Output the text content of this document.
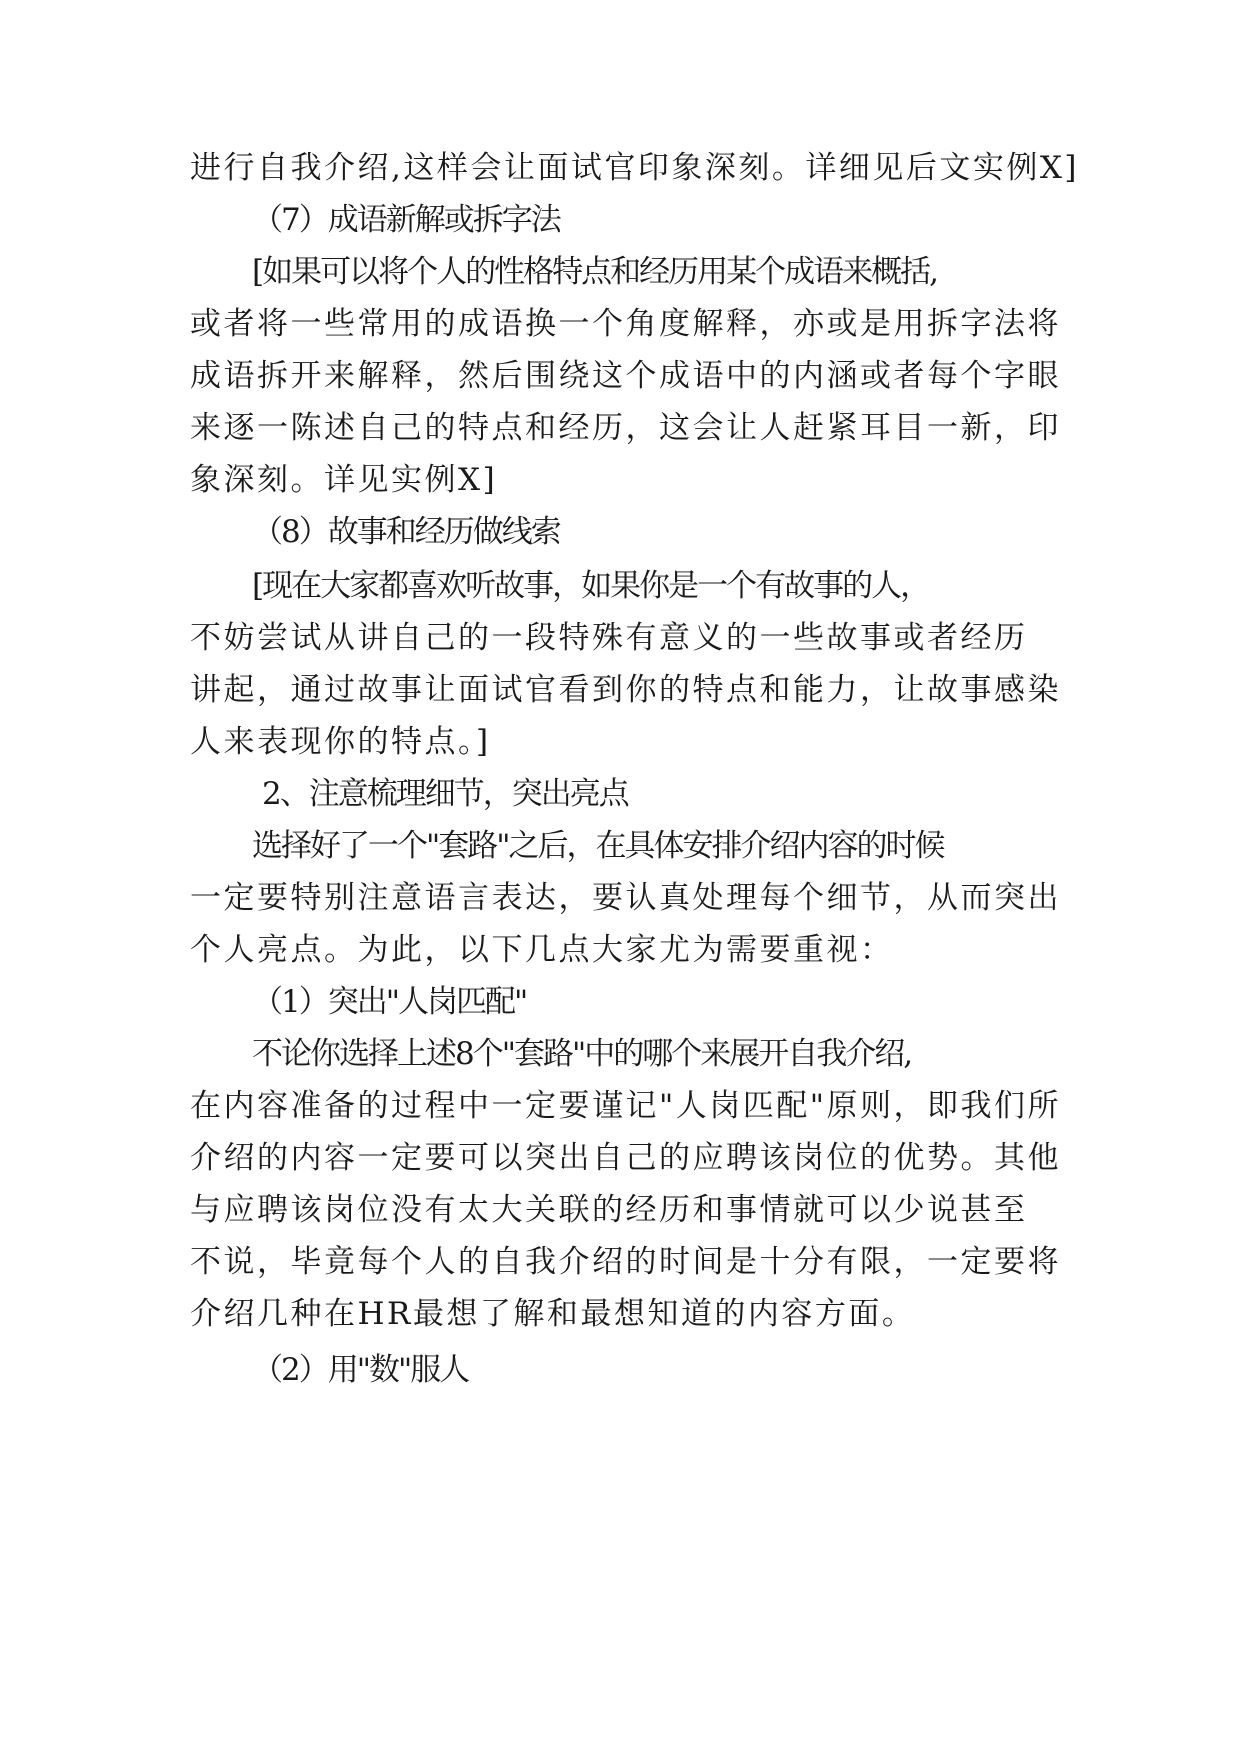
进行自我介绍,这样会让面试官印象深刻。详细见后文实例X]
（7）成语新解或拆字法
[如果可以将个人的性格特点和经历用某个成语来概括,
或者将一些常用的成语换一个角度解释，亦或是用拆字法将
成语拆开来解释，然后围绕这个成语中的内涵或者每个字眼
来逐一陈述自己的特点和经历，这会让人赶紧耳目一新，印
象深刻。详见实例X]
（8）故事和经历做线索
[现在大家都喜欢听故事，如果你是一个有故事的人，
不妨尝试从讲自己的一段特殊有意义的一些故事或者经历
讲起，通过故事让面试官看到你的特点和能力，让故事感染
人来表现你的特点。]
2、注意梳理细节，突出亮点
选择好了一个"套路"之后，在具体安排介绍内容的时候
一定要特别注意语言表达，要认真处理每个细节，从而突出
个人亮点。为此，以下几点大家尤为需要重视：
（1）突出"人岗匹配"
不论你选择上述8个"套路"中的哪个来展开自我介绍,
在内容准备的过程中一定要谨记"人岗匹配"原则，即我们所
介绍的内容一定要可以突出自己的应聘该岗位的优势。其他
与应聘该岗位没有太大关联的经历和事情就可以少说甚至
不说，毕竟每个人的自我介绍的时间是十分有限，一定要将
介绍几种在HR最想了解和最想知道的内容方面。
（2）用"数"服人
